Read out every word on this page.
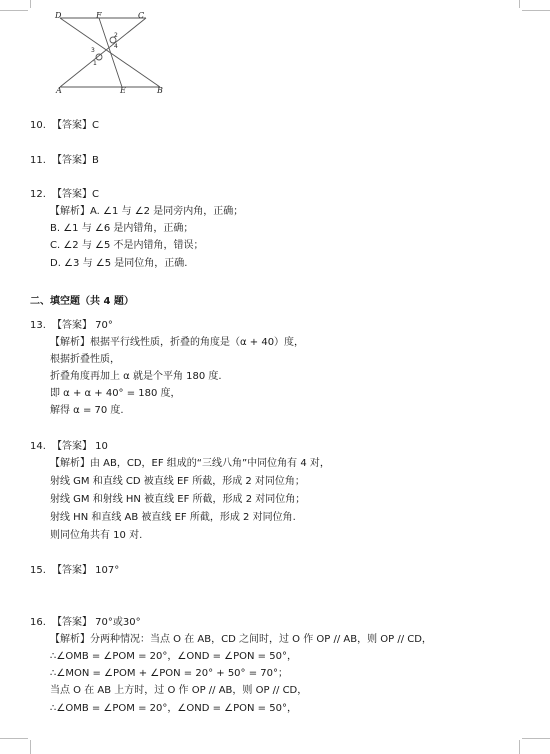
D	F	C
A	E	B
2
4
3
1
10. 【答案】C
11. 【答案】B
12. 【答案】C
【解析】A. ∠1 与 ∠2 是同旁内角，正确；
B. ∠1 与 ∠6 是内错角，正确；
C. ∠2 与 ∠5 不是内错角，错误；
D. ∠3 与 ∠5 是同位角，正确.
二、填空题（共 4 题）
13. 【答案】 70°
【解析】根据平行线性质，折叠的角度是（α + 40）度，
根据折叠性质，
折叠角度再加上 α 就是个平角 180 度.
即 α + α + 40° = 180 度，
解得 α = 70 度.
14. 【答案】 10
【解析】由 AB，CD，EF 组成的“三线八角”中同位角有 4 对，
射线 GM 和直线 CD 被直线 EF 所截，形成 2 对同位角；
射线 GM 和射线 HN 被直线 EF 所截，形成 2 对同位角；
射线 HN 和直线 AB 被直线 EF 所截，形成 2 对同位角.
则同位角共有 10 对.
15. 【答案】 107°
16. 【答案】 70°或30°
【解析】分两种情况：当点 O 在 AB，CD 之间时，过 O 作 OP // AB，则 OP // CD，
∴∠OMB = ∠POM = 20°，∠OND = ∠PON = 50°，
∴∠MON = ∠POM + ∠PON = 20° + 50° = 70°；
当点 O 在 AB 上方时，过 O 作 OP // AB，则 OP // CD，
∴∠OMB = ∠POM = 20°，∠OND = ∠PON = 50°，
